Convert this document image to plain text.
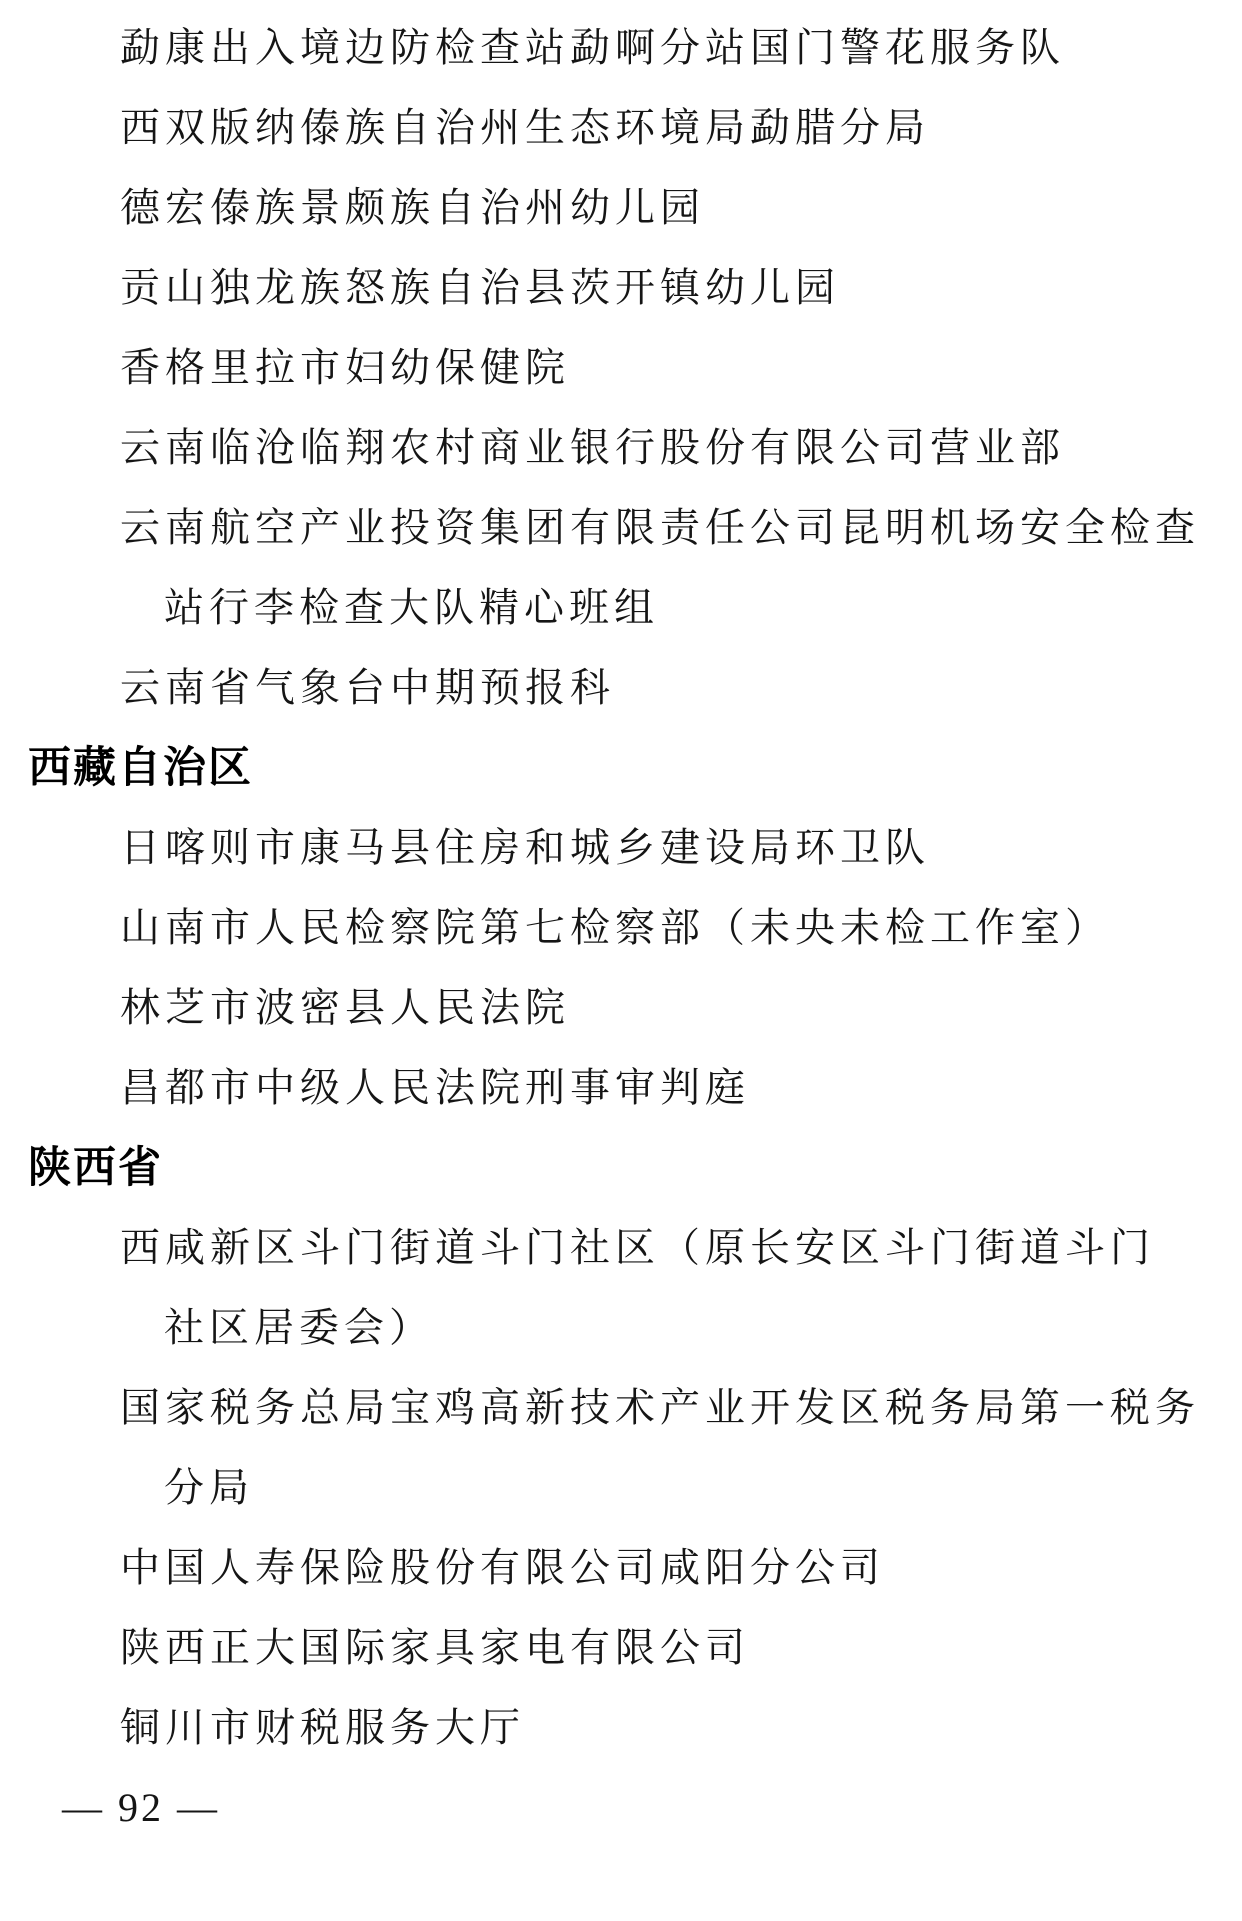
勐康出入境边防检查站勐啊分站国门警花服务队
西双版纳傣族自治州生态环境局勐腊分局
德宏傣族景颇族自治州幼儿园
贡山独龙族怒族自治县茨开镇幼儿园
香格里拉市妇幼保健院
云南临沧临翔农村商业银行股份有限公司营业部
云南航空产业投资集团有限责任公司昆明机场安全检查
站行李检查大队精心班组
云南省气象台中期预报科
西藏自治区
日喀则市康马县住房和城乡建设局环卫队
山南市人民检察院第七检察部（未央未检工作室）
林芝市波密县人民法院
昌都市中级人民法院刑事审判庭
陕西省
西咸新区斗门街道斗门社区（原长安区斗门街道斗门
社区居委会）
国家税务总局宝鸡高新技术产业开发区税务局第一税务
分局
中国人寿保险股份有限公司咸阳分公司
陕西正大国际家具家电有限公司
铜川市财税服务大厅
— 92 —
